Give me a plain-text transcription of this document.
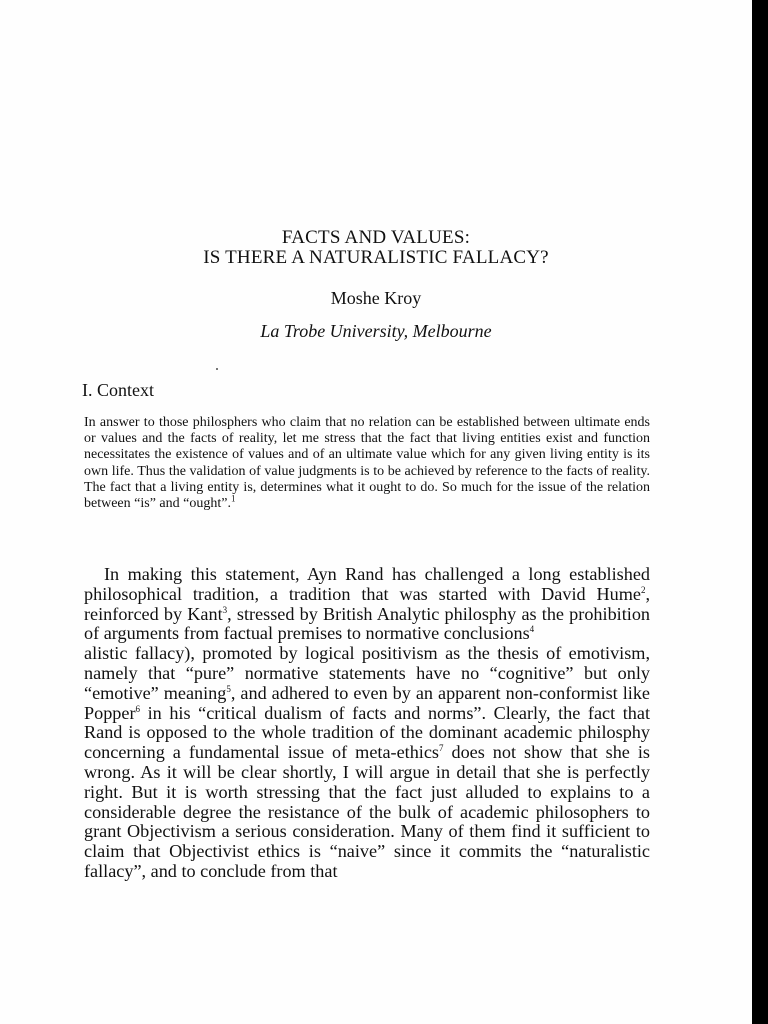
FACTS AND VALUES:
IS THERE A NATURALISTIC FALLACY?
Moshe Kroy
La Trobe University, Melbourne
I. Context
In answer to those philosphers who claim that no relation can be established between ultimate ends or values and the facts of reality, let me stress that the fact that living entities exist and function necessitates the existence of values and of an ultimate value which for any given living entity is its own life. Thus the validation of value judgments is to be achieved by reference to the facts of reality. The fact that a living entity is, determines what it ought to do. So much for the issue of the relation between “is” and “ought”.$^1$

In making this statement, Ayn Rand has challenged a long established philosophical tradition, a tradition that was started with David Hume$^2$, reinforced by Kant$^3$, stressed by British Analytic philosphy as the prohibition of arguments from factual premises to normative conclusions$^4$

alistic fallacy), promoted by logical positivism as the thesis of emotivism, namely that “pure” normative statements have no “cognitive” but only “emotive” meaning$^5$, and adhered to even by an apparent non-conformist like Popper$^6$ in his “critical dualism of facts and norms”. Clearly, the fact that Rand is opposed to the whole tradition of the dominant academic philosphy concerning a fundamental issue of meta-ethics$^7$ does not show that she is wrong. As it will be clear shortly, I will argue in detail that she is perfectly right. But it is worth stressing that the fact just alluded to explains to a considerable degree the resistance of the bulk of academic philosophers to grant Objectivism a serious consideration. Many of them find it sufficient to claim that Objectivist ethics is “naive” since it commits the “naturalistic fallacy”, and to conclude from that
